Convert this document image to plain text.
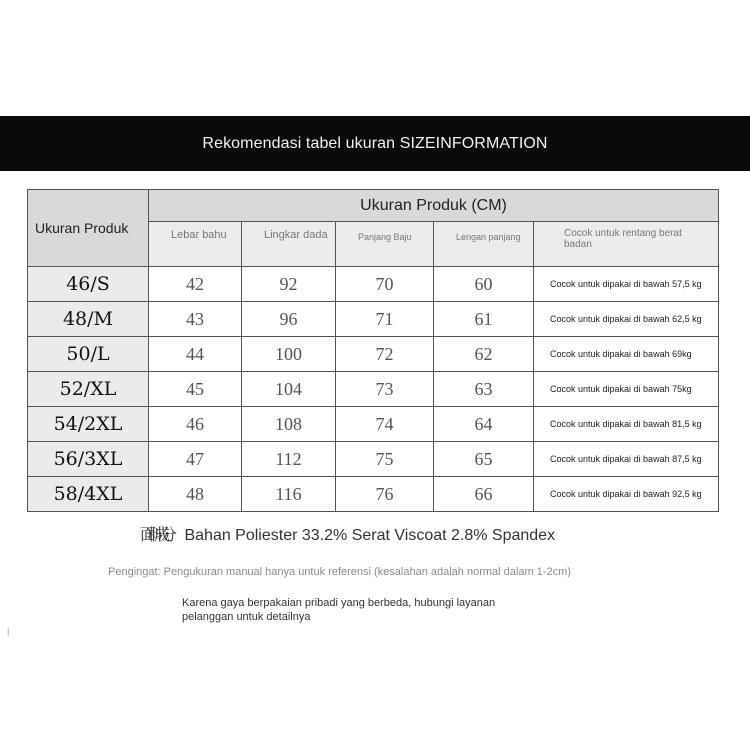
Rekomendasi tabel ukuran SIZEINFORMATION
Ukuran Produk	Ukuran Produk (CM)				
	Lebar bahu	Lingkar dada	Panjang Baju	Lengan panjang	Cocok untuk rentang berat badan
46/S	42	92	70	60	Cocok untuk dipakai di bawah 57,5 kg
48/M	43	96	71	61	Cocok untuk dipakai di bawah 62,5 kg
50/L	44	100	72	62	Cocok untuk dipakai di bawah 69kg
52/XL	45	104	73	63	Cocok untuk dipakai di bawah 75kg
54/2XL	46	108	74	64	Cocok untuk dipakai di bawah 81,5 kg
56/3XL	47	112	75	65	Cocok untuk dipakai di bawah 87,5 kg
58/4XL	48	116	76	66	Cocok untuk dipakai di bawah 92,5 kg
面料成分 Bahan Poliester 33.2% Serat Viscoat 2.8% Spandex
Pengingat: Pengukuran manual hanya untuk referensi (kesalahan adalah normal dalam 1-2cm)
Karena gaya berpakaian pribadi yang berbeda, hubungi layanan pelanggan untuk detailnya
|
